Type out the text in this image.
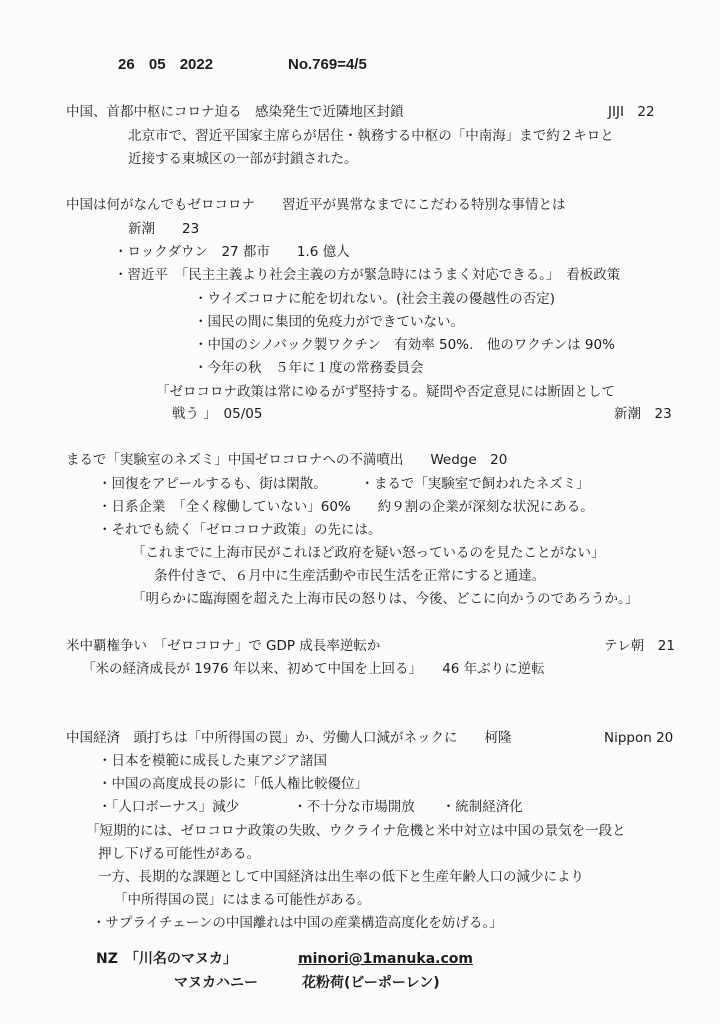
26 05 2022	No.769=4/5
中国、首都中枢にコロナ迫る　感染発生で近隣地区封鎖	JIJI　22
北京市で、習近平国家主席らが居住・執務する中枢の「中南海」まで約２キロと
近接する東城区の一部が封鎖された。
中国は何がなんでもゼロコロナ　　習近平が異常なまでにこだわる特別な事情とは
新潮　　23
・ロックダウン　27 都市　　1.6 億人
・習近平　「民主主義より社会主義の方が緊急時にはうまく対応できる。」　看板政策
・ウイズコロナに舵を切れない。(社会主義の優越性の否定)
・国民の間に集団的免疫力ができていない。
・中国のシノバック製ワクチン　有効率 50%.　他のワクチンは 90%
・今年の秋　５年に１度の常務委員会
「ゼロコロナ政策は常にゆるがず堅持する。疑問や否定意見には断固として
戦う 」　05/05	新潮　23
まるで「実験室のネズミ」中国ゼロコロナへの不満噴出　　Wedge　20
・回復をアピールするも、街は閑散。　　　・まるで「実験室で飼われたネズミ」
・日系企業　「全く稼働していない」60%　　約９割の企業が深刻な状況にある。
・それでも続く「ゼロコロナ政策」の先には。
「これまでに上海市民がこれほど政府を疑い怒っているのを見たことがない」
条件付きで、６月中に生産活動や市民生活を正常にすると通達。
「明らかに臨海園を超えた上海市民の怒りは、今後、どこに向かうのであろうか。」
米中覇権争い　「ゼロコロナ」で GDP 成長率逆転か	テレ朝　21
「米の経済成長が 1976 年以来、初めて中国を上回る」　　46 年ぶりに逆転
中国経済　頭打ちは「中所得国の罠」か、労働人口減がネックに　　柯隆	Nippon 20
・日本を模範に成長した東アジア諸国
・中国の高度成長の影に「低人権比較優位」
・「人口ボーナス」減少　　　　・不十分な市場開放　　・統制経済化
「短期的には、ゼロコロナ政策の失敗、ウクライナ危機と米中対立は中国の景気を一段と
押し下げる可能性がある。
一方、長期的な課題として中国経済は出生率の低下と生産年齢人口の減少により
「中所得国の罠」にはまる可能性がある。
・サプライチェーンの中国離れは中国の産業構造高度化を妨げる。」
NZ　「川名のマヌカ」	minori@1manuka.com
マヌカハニー	花粉荷(ビーポーレン)
